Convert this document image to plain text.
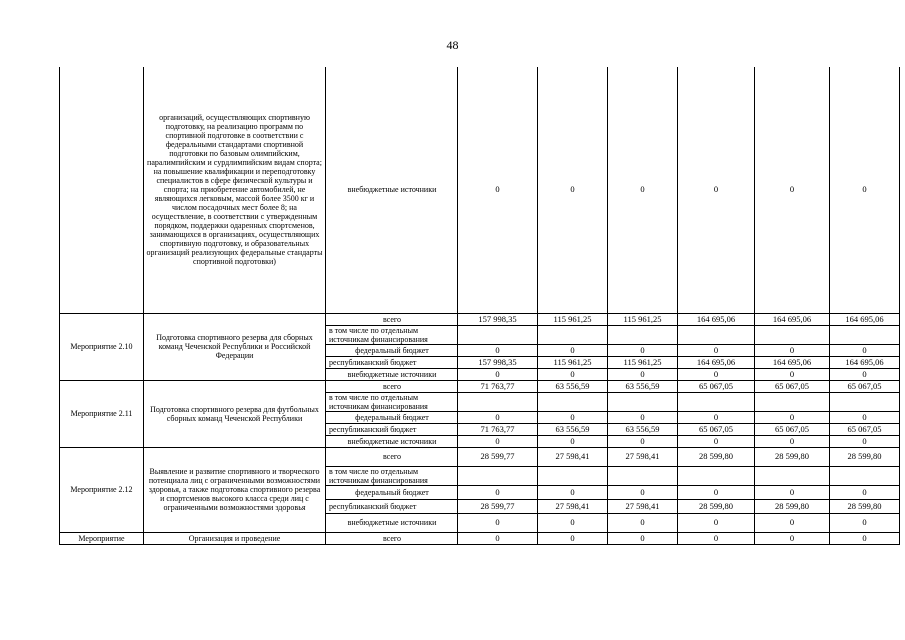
48
	организаций, осуществляющих спортивную подготовку, на реализацию программ по спортивной подготовке в соответствии с федеральными стандартами спортивной подготовки по базовым олимпийским, паралимпийским и сурдлимпийским видам спорта; на повышение квалификации и переподготовку специалистов в сфере физической культуры и спорта; на приобретение автомобилей, не являющихся легковым, массой более 3500 кг и числом посадочных мест более 8; на осуществление, в соответствии с утвержденным порядком, поддержки одаренных спортсменов, занимающихся в организациях, осуществляющих спортивную подготовку, и образовательных организаций реализующих федеральные стандарты спортивной подготовки)	внебюджетные источники	0	0	0	0	0	0
Мероприятие 2.10	Подготовка спортивного резерва для сборных команд Чеченской Республики и Российской Федерации	всего	157 998,35	115 961,25	115 961,25	164 695,06	164 695,06	164 695,06
		в том числе по отдельным источникам финансирования						
		федеральный бюджет	0	0	0	0	0	0
		республиканский бюджет	157 998,35	115 961,25	115 961,25	164 695,06	164 695,06	164 695,06
		внебюджетные источники	0	0	0	0	0	0
Мероприятие 2.11	Подготовка спортивного резерва для футбольных сборных команд Чеченской Республики	всего	71 763,77	63 556,59	63 556,59	65 067,05	65 067,05	65 067,05
		в том числе по отдельным источникам финансирования						
		федеральный бюджет	0	0	0	0	0	0
		республиканский бюджет	71 763,77	63 556,59	63 556,59	65 067,05	65 067,05	65 067,05
		внебюджетные источники	0	0	0	0	0	0
Мероприятие 2.12	Выявление и развитие спортивного и творческого потенциала лиц с ограниченными возможностями здоровья, а также подготовка спортивного резерва и спортсменов высокого класса среди лиц с ограниченными возможностями здоровья	всего	28 599,77	27 598,41	27 598,41	28 599,80	28 599,80	28 599,80
		в том числе по отдельным источникам финансирования						
		федеральный бюджет	0	0	0	0	0	0
		республиканский бюджет	28 599,77	27 598,41	27 598,41	28 599,80	28 599,80	28 599,80
		внебюджетные источники	0	0	0	0	0	0
Мероприятие	Организация и проведение	всего	0	0	0	0	0	0
